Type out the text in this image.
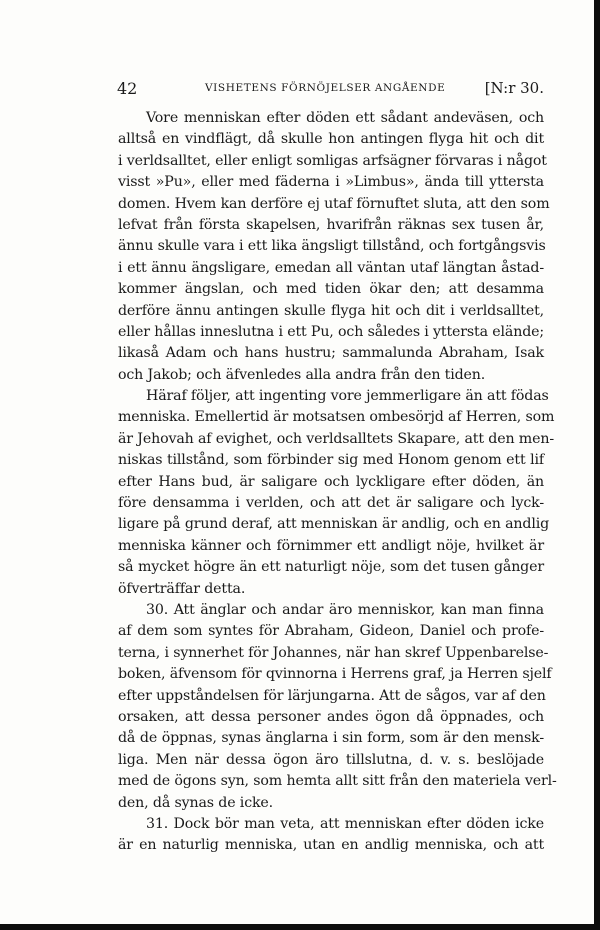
42	VISHETENS FÖRNÖJELSER ANGÅENDE	[N:r 30.
Vore menniskan efter döden ett sådant andeväsen, och
alltså en vindflägt, då skulle hon antingen flyga hit och dit
i verldsalltet, eller enligt somligas arfsägner förvaras i något
visst »Pu», eller med fäderna i »Limbus», ända till yttersta
domen. Hvem kan derföre ej utaf förnuftet sluta, att den som
lefvat från första skapelsen, hvarifrån räknas sex tusen år,
ännu skulle vara i ett lika ängsligt tillstånd, och fortgångsvis
i ett ännu ängsligare, emedan all väntan utaf längtan åstad-
kommer ängslan, och med tiden ökar den; att desamma
derföre ännu antingen skulle flyga hit och dit i verldsalltet,
eller hållas inneslutna i ett Pu, och således i yttersta elände;
likaså Adam och hans hustru; sammalunda Abraham, Isak
och Jakob; och äfvenledes alla andra från den tiden.
Häraf följer, att ingenting vore jemmerligare än att födas
menniska. Emellertid är motsatsen ombesörjd af Herren, som
är Jehovah af evighet, och verldsalltets Skapare, att den men-
niskas tillstånd, som förbinder sig med Honom genom ett lif
efter Hans bud, är saligare och lyckligare efter döden, än
före densamma i verlden, och att det är saligare och lyck-
ligare på grund deraf, att menniskan är andlig, och en andlig
menniska känner och förnimmer ett andligt nöje, hvilket är
så mycket högre än ett naturligt nöje, som det tusen gånger
öfverträffar detta.
30. Att änglar och andar äro menniskor, kan man finna
af dem som syntes för Abraham, Gideon, Daniel och profe-
terna, i synnerhet för Johannes, när han skref Uppenbarelse-
boken, äfvensom för qvinnorna i Herrens graf, ja Herren sjelf
efter uppståndelsen för lärjungarna. Att de sågos, var af den
orsaken, att dessa personer andes ögon då öppnades, och
då de öppnas, synas änglarna i sin form, som är den mensk-
liga. Men när dessa ögon äro tillslutna, d. v. s. beslöjade
med de ögons syn, som hemta allt sitt från den materiela verl-
den, då synas de icke.
31. Dock bör man veta, att menniskan efter döden icke
är en naturlig menniska, utan en andlig menniska, och att
